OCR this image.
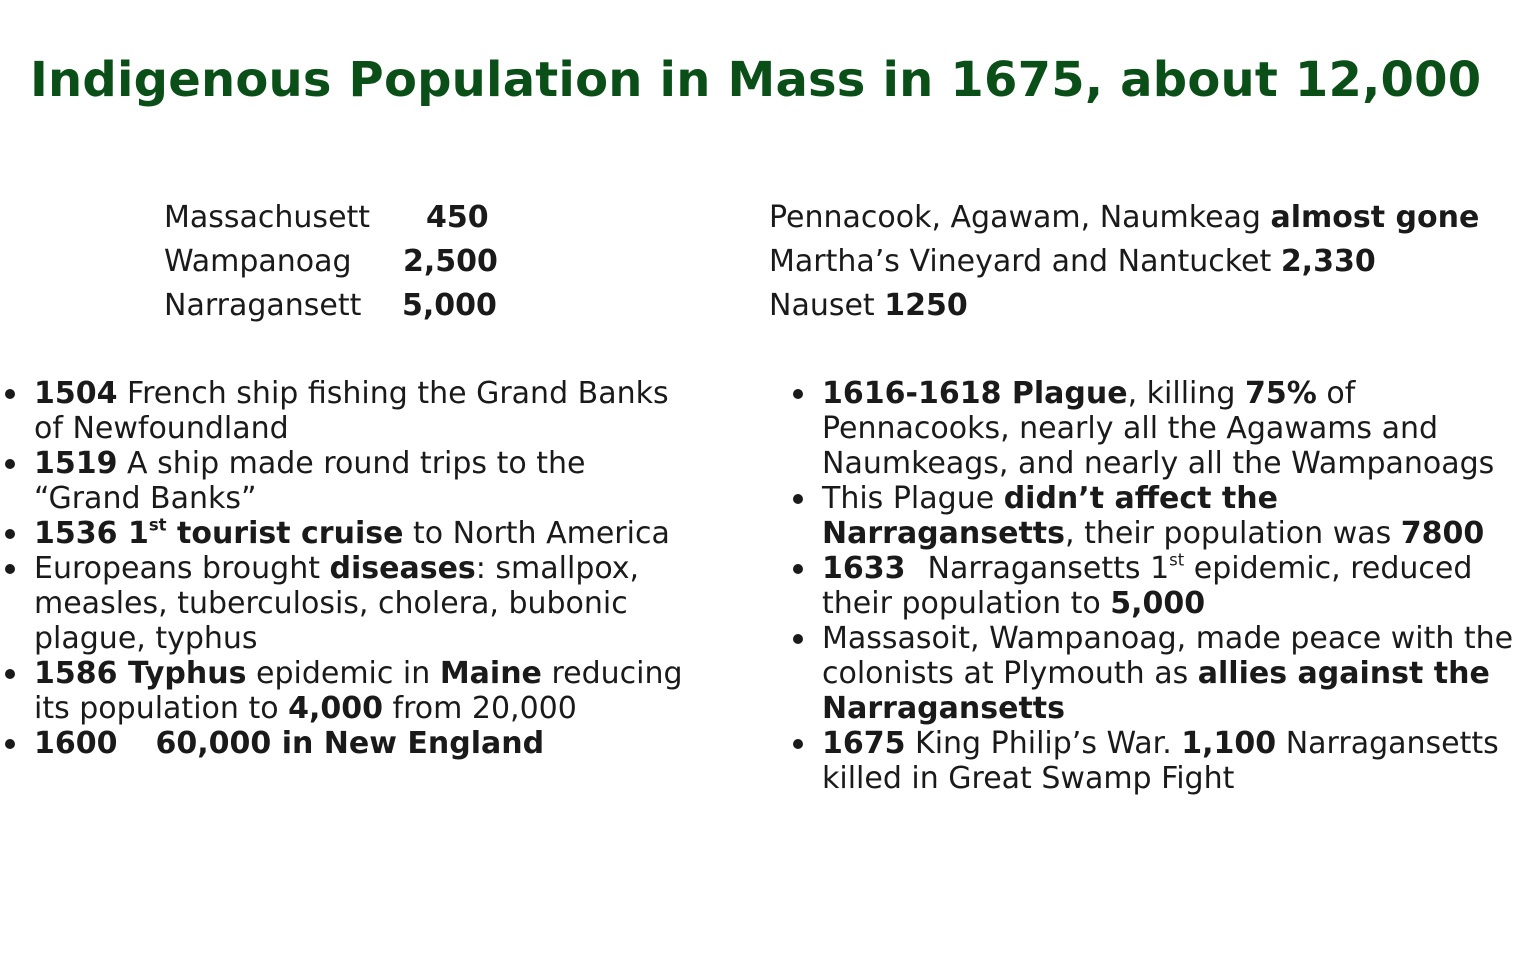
Indigenous Population in Mass in 1675, about 12,000
Massachusett 450
Wampanoag 2,500
Narragansett 5,000
Pennacook, Agawam, Naumkeag almost gone
Martha’s Vineyard and Nantucket 2,330
Nauset 1250
1504 French ship fishing the Grand Banks of Newfoundland
1519 A ship made round trips to the “Grand Banks”
1536 1st tourist cruise to North America
Europeans brought diseases: smallpox, measles, tuberculosis, cholera, bubonic plague, typhus
1586 Typhus epidemic in Maine reducing its population to 4,000 from 20,000
1600 60,000 in New England
1616-1618 Plague, killing 75% of Pennacooks, nearly all the Agawams and Naumkeags, and nearly all the Wampanoags
This Plague didn’t affect the Narragansetts, their population was 7800
1633 Narragansetts 1st epidemic, reduced their population to 5,000
Massasoit, Wampanoag, made peace with the colonists at Plymouth as allies against the Narragansetts
1675 King Philip’s War. 1,100 Narragansetts killed in Great Swamp Fight
